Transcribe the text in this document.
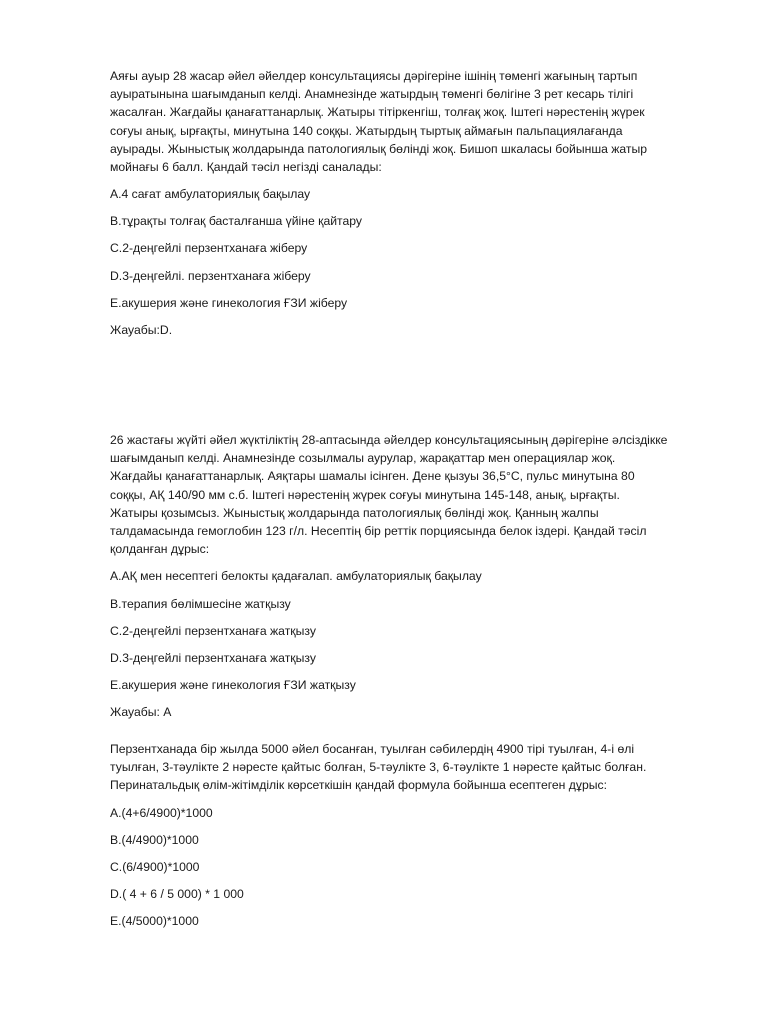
Аяғы ауыр 28 жасар әйел әйелдер консультациясы дәрігеріне ішінің төменгі жағының тартып ауыратынына шағымданып келді. Анамнезінде жатырдың төменгі бөлігіне 3 рет кесарь тілігі жасалған. Жағдайы қанағаттанарлық. Жатыры тітіркенгіш, толғақ жоқ. Іштегі нәрестенің жүрек соғуы анық, ырғақты, минутына 140 соққы. Жатырдың тыртық аймағын пальпациялағанда ауырады. Жыныстық жолдарында патологиялық бөлінді жоқ. Бишоп шкаласы бойынша жатыр мойнағы 6 балл. Қандай тәсіл негізді саналады:

А.4 сағат амбулаториялық бақылау
В.тұрақты толғақ басталғанша үйіне қайтару
С.2-деңгейлі перзентханаға жіберу
D.3-деңгейлі. перзентханаға жіберу
Е.акушерия және гинекология ҒЗИ жіберу
Жауабы:D.

26 жастағы жүйті әйел жүктіліктің 28-аптасында әйелдер консультациясының дәрігеріне әлсіздікке шағымданып келді. Анамнезінде созылмалы аурулар, жарақаттар мен операциялар жоқ. Жағдайы қанағаттанарлық. Аяқтары шамалы ісінген. Дене қызуы 36,5°С, пульс минутына 80 соққы, АҚ 140/90 мм с.б. Іштегі нәрестенің жүрек соғуы минутына 145-148, анық, ырғақты. Жатыры қозымсыз. Жыныстық жолдарында патологиялық бөлінді жоқ. Қанның жалпы талдамасында гемоглобин 123 г/л. Несептің бір реттік порциясында белок іздері. Қандай тәсіл қолданған дұрыс:

А.АҚ мен несептегі белокты қадағалап. амбулаториялық бақылау
В.терапия бөлімшесіне жатқызу
С.2-деңгейлі перзентханаға жатқызу
D.3-деңгейлі перзентханаға жатқызу
Е.акушерия және гинекология ҒЗИ жатқызу
Жауабы: А

Перзентханада бір жылда 5000 әйел босанған, туылған сәбилердің 4900 тірі туылған, 4-і өлі туылған, 3-тәулікте 2 нәресте қайтыс болған, 5-тәулікте 3, 6-тәулікте 1 нәресте қайтыс болған. Перинатальдық өлім-жітімділік көрсеткішін қандай формула бойынша есептеген дұрыс:

А.(4+6/4900)*1000
В.(4/4900)*1000
С.(6/4900)*1000
D.( 4 + 6 / 5 000) * 1 000
Е.(4/5000)*1000
